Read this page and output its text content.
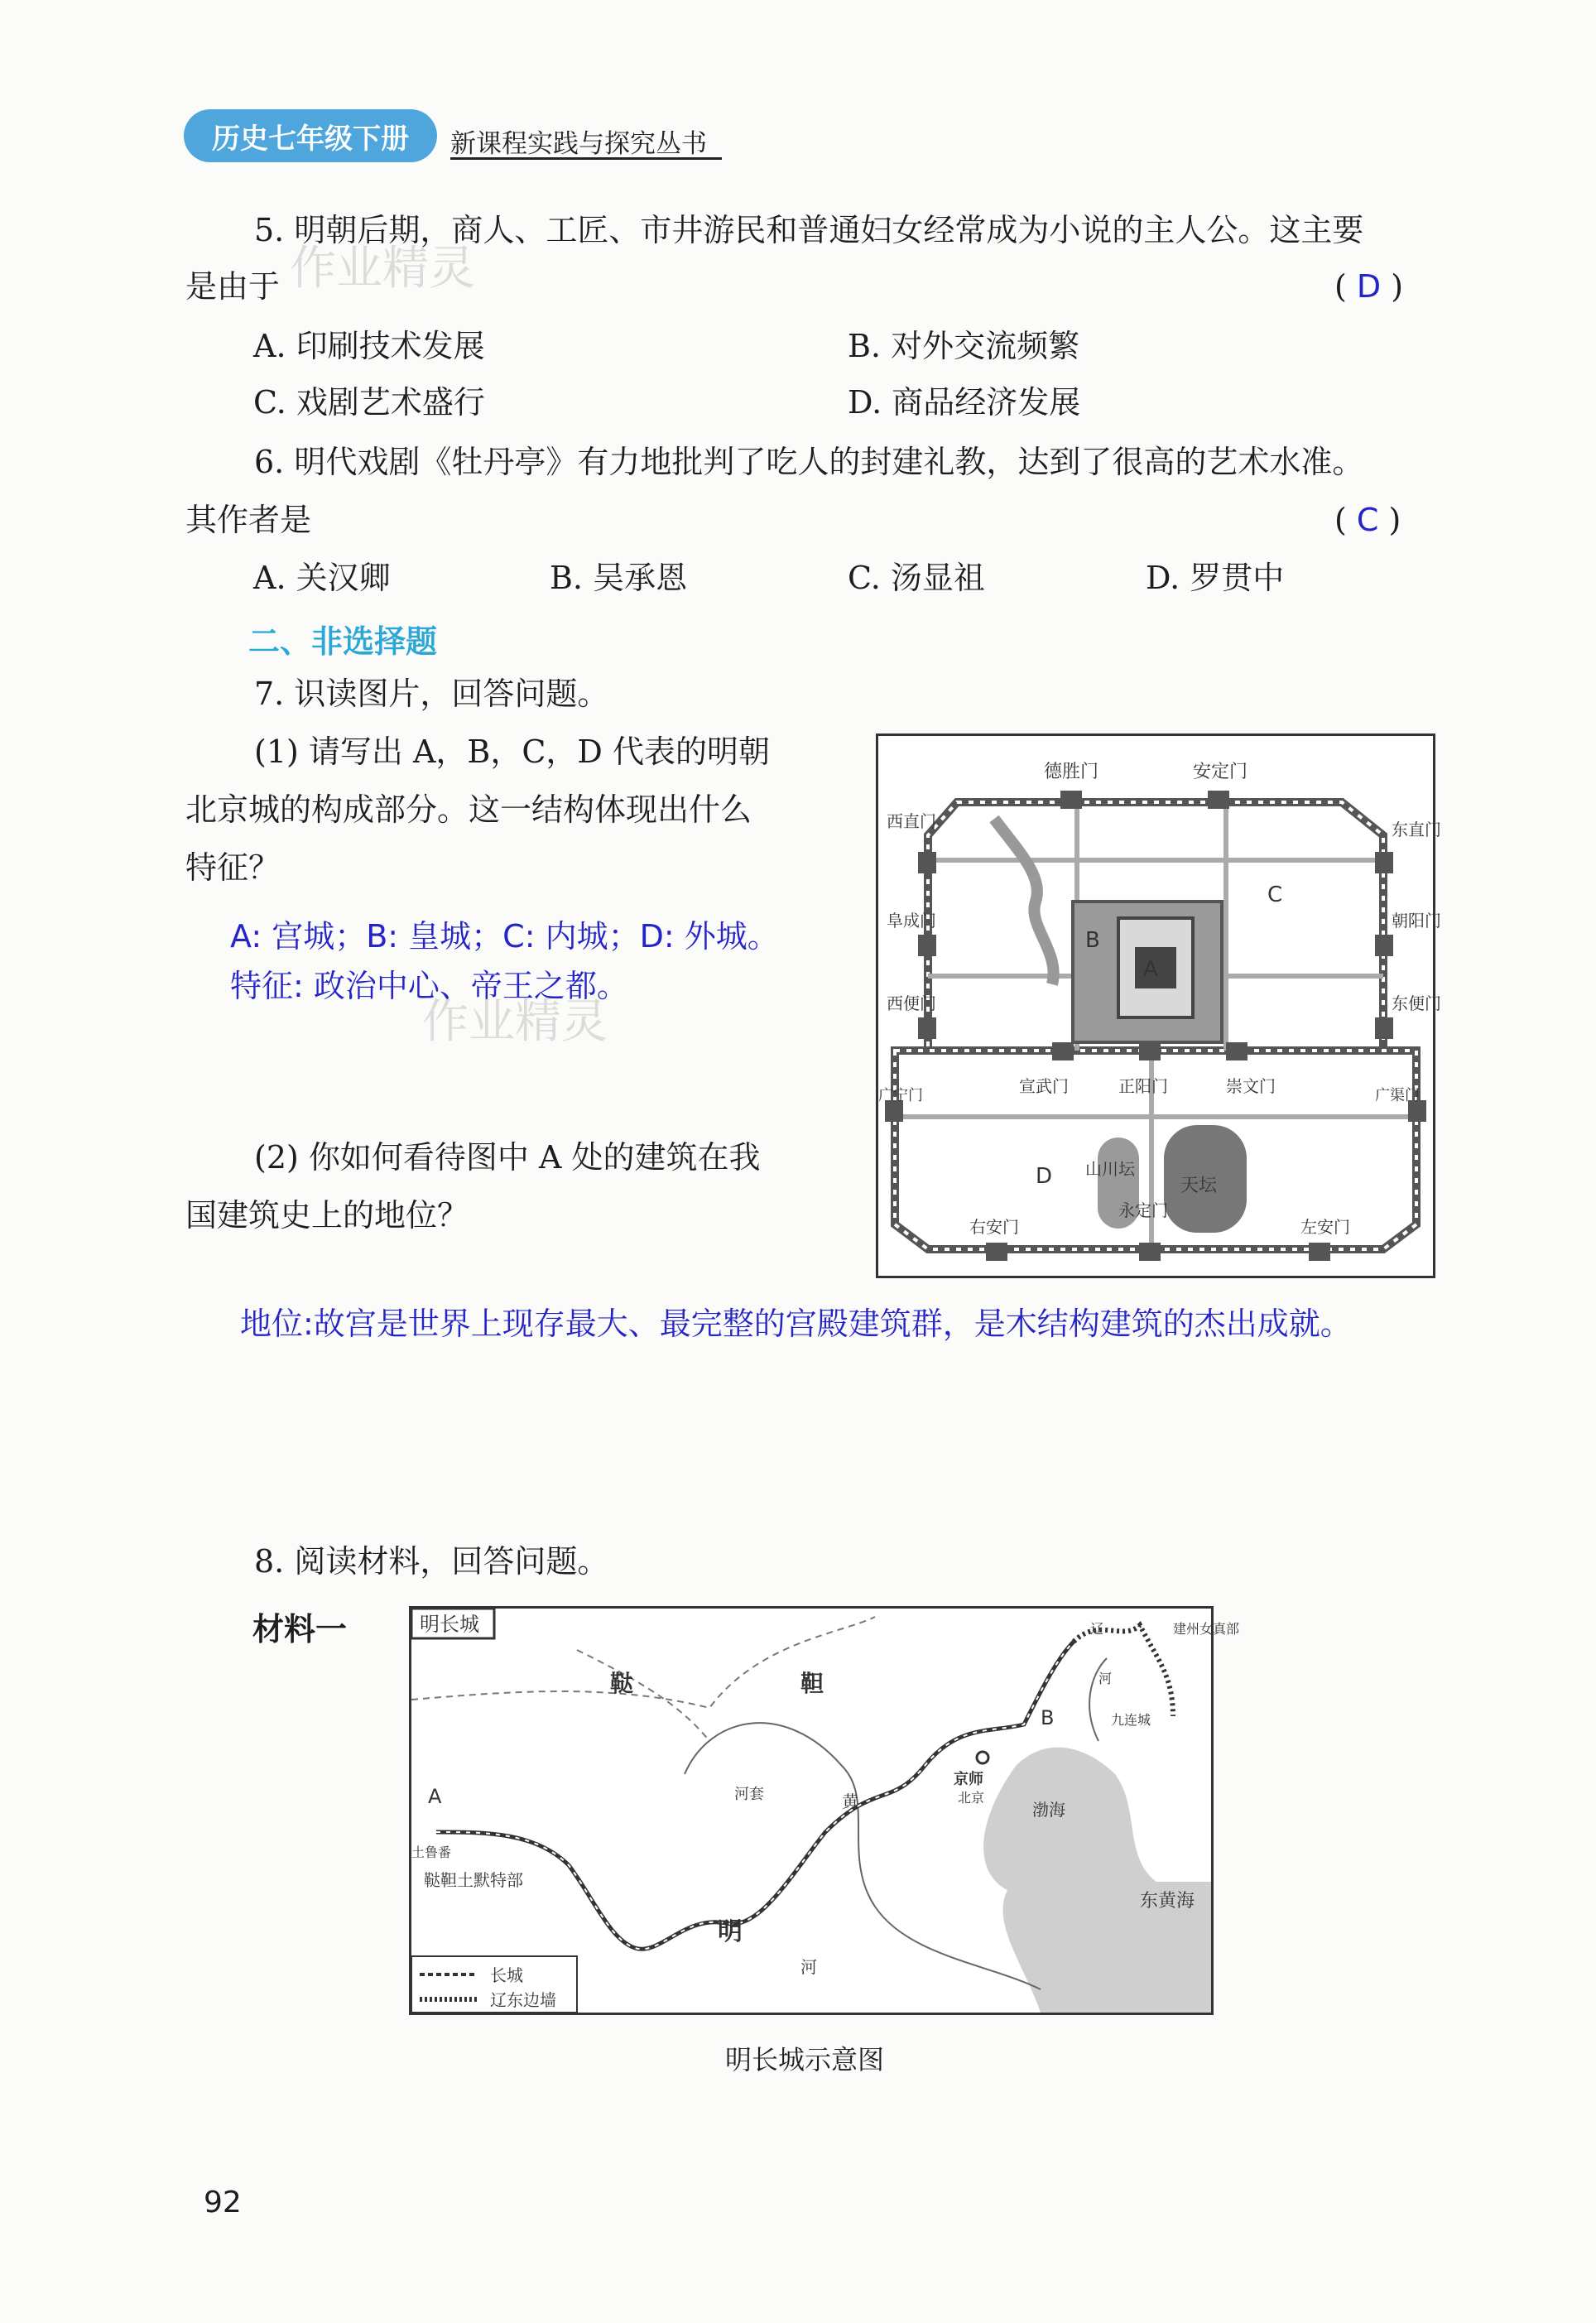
历史七年级下册	新课程实践与探究丛书
5. 明朝后期，商人、工匠、市井游民和普通妇女经常成为小说的主人公。这主要
是由于	( D )
A. 印刷技术发展	B. 对外交流频繁
C. 戏剧艺术盛行	D. 商品经济发展
作业精灵
6. 明代戏剧《牡丹亭》有力地批判了吃人的封建礼教，达到了很高的艺术水准。
其作者是	( C )
A. 关汉卿	B. 吴承恩	C. 汤显祖	D. 罗贯中
二、非选择题
7. 识读图片，回答问题。
(1) 请写出 A，B，C，D 代表的明朝
北京城的构成部分。这一结构体现出什么
特征？
A: 宫城；B: 皇城；C: 内城；D: 外城。
特征: 政治中心、帝王之都。
作业精灵
(2) 你如何看待图中 A 处的建筑在我
国建筑史上的地位？
地位:故宫是世界上现存最大、最完整的宫殿建筑群，是木结构建筑的杰出成就。
德胜门	安定门
西直门	东直门
阜成门	朝阳门
西便门	东便门
广宁门	广渠门
宣武门	正阳门	崇文门
右安门
永定门
左安门
A
B
C
D 山川坛
天坛
8. 阅读材料，回答问题。
材料一	明长城
鞑	靼
明
A
B
土鲁番
鞑靼土默特部
河套	黄
河
京师
北京
渤海
东黄海
建州女真部
九连城
辽
河
长城
辽东边墙
明长城示意图
92
